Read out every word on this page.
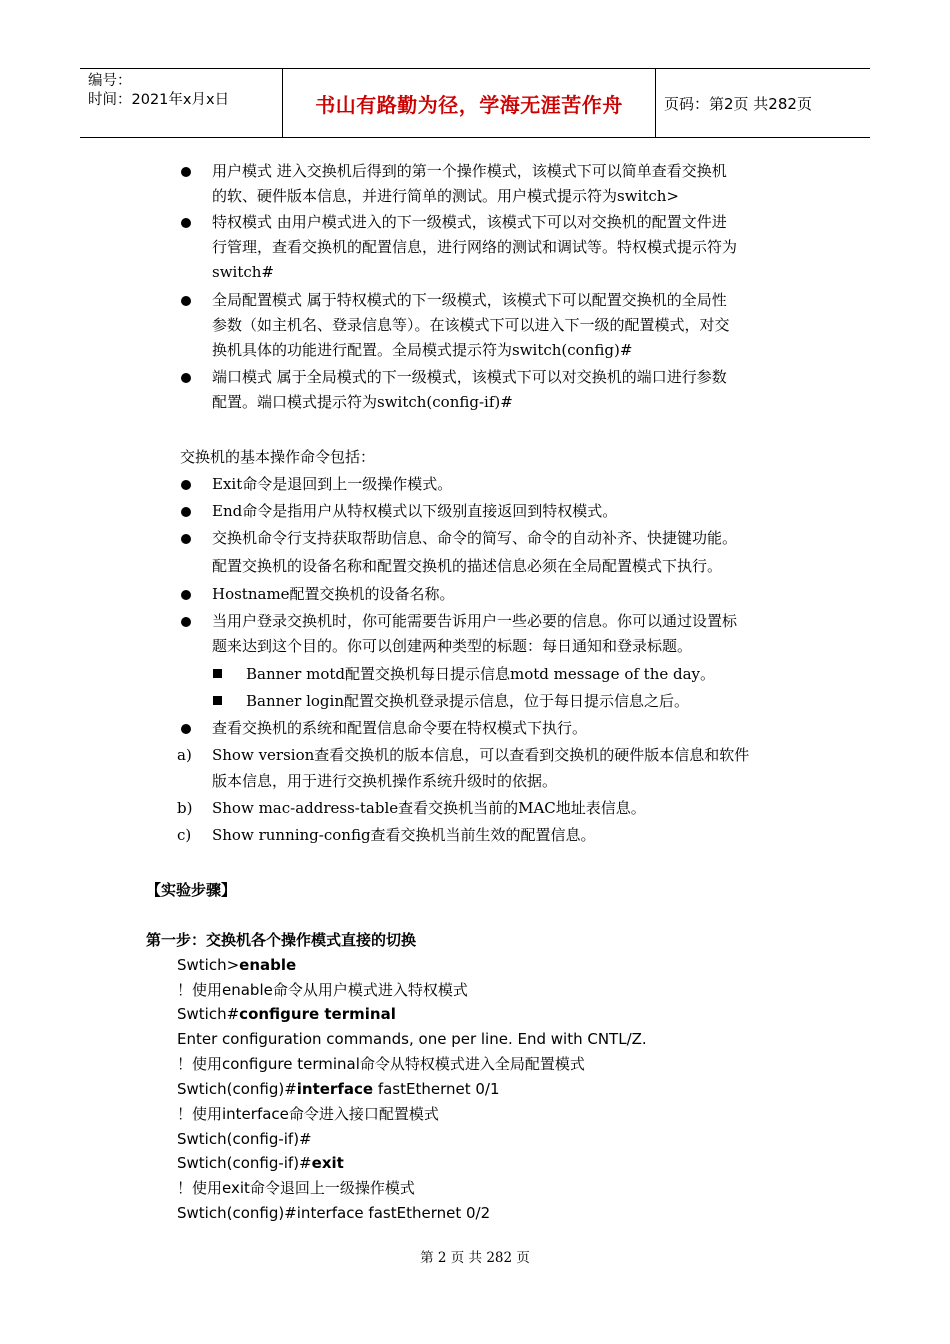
编号：
时间：2021年x月x日	书山有路勤为径，学海无涯苦作舟	页码：第2页 共282页
用户模式 进入交换机后得到的第一个操作模式，该模式下可以简单查看交换机
的软、硬件版本信息，并进行简单的测试。用户模式提示符为switch>
特权模式 由用户模式进入的下一级模式，该模式下可以对交换机的配置文件进
行管理，查看交换机的配置信息，进行网络的测试和调试等。特权模式提示符为
switch#
全局配置模式 属于特权模式的下一级模式，该模式下可以配置交换机的全局性
参数（如主机名、登录信息等）。在该模式下可以进入下一级的配置模式，对交
换机具体的功能进行配置。全局模式提示符为switch(config)#
端口模式 属于全局模式的下一级模式，该模式下可以对交换机的端口进行参数
配置。端口模式提示符为switch(config-if)#
交换机的基本操作命令包括：
Exit命令是退回到上一级操作模式。
End命令是指用户从特权模式以下级别直接返回到特权模式。
交换机命令行支持获取帮助信息、命令的简写、命令的自动补齐、快捷键功能。
配置交换机的设备名称和配置交换机的描述信息必须在全局配置模式下执行。
Hostname配置交换机的设备名称。
当用户登录交换机时，你可能需要告诉用户一些必要的信息。你可以通过设置标
题来达到这个目的。你可以创建两种类型的标题：每日通知和登录标题。
Banner motd配置交换机每日提示信息motd message of the day。
Banner login配置交换机登录提示信息，位于每日提示信息之后。
查看交换机的系统和配置信息命令要在特权模式下执行。
a) Show version查看交换机的版本信息，可以查看到交换机的硬件版本信息和软件
版本信息，用于进行交换机操作系统升级时的依据。
b) Show mac-address-table查看交换机当前的MAC地址表信息。
c) Show running-config查看交换机当前生效的配置信息。
【实验步骤】
第一步：交换机各个操作模式直接的切换
Swtich>enable
！使用enable命令从用户模式进入特权模式
Swtich#configure terminal
Enter configuration commands, one per line. End with CNTL/Z.
！使用configure terminal命令从特权模式进入全局配置模式
Swtich(config)#interface fastEthernet 0/1
！使用interface命令进入接口配置模式
Swtich(config-if)#
Swtich(config-if)#exit
！使用exit命令退回上一级操作模式
Swtich(config)#interface fastEthernet 0/2
第 2 页 共 282 页
